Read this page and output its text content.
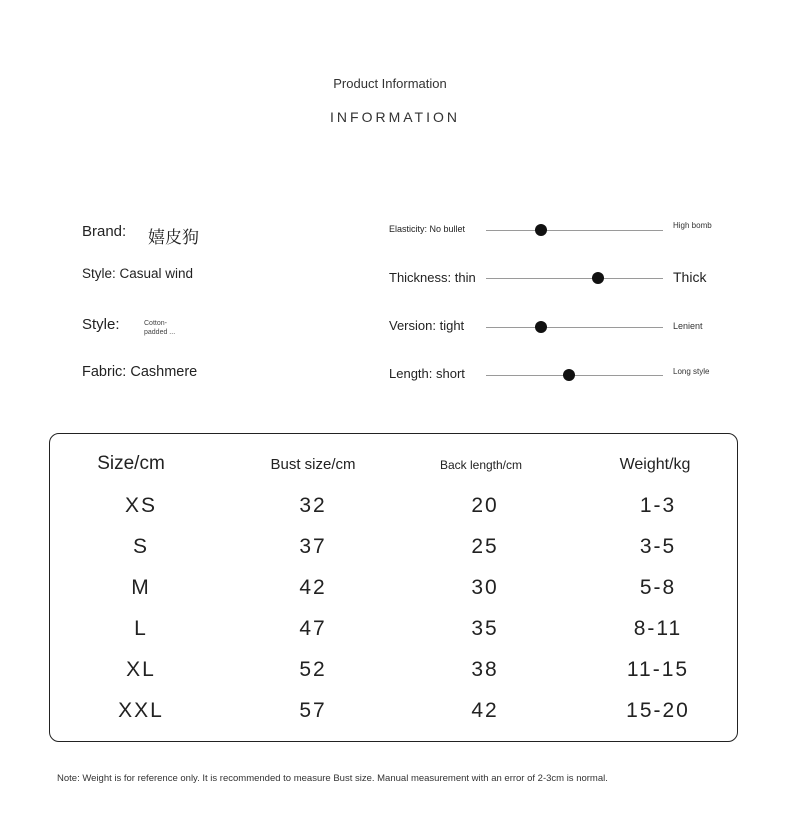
Product Information
INFORMATION
Brand: 嬉皮狗
Style: Casual wind
Style:	Cotton-padded ...
Fabric: Cashmere
Elasticity: No bullet	High bomb
Thickness: thin	Thick
Version: tight	Lenient
Length: short	Long style
Size/cm	Bust size/cm	Back length/cm	Weight/kg
XS	32	20	1-3
S	37	25	3-5
M	42	30	5-8
L	47	35	8-11
XL	52	38	11-15
XXL	57	42	15-20
Note: Weight is for reference only. It is recommended to measure Bust size. Manual measurement with an error of 2-3cm is normal.
